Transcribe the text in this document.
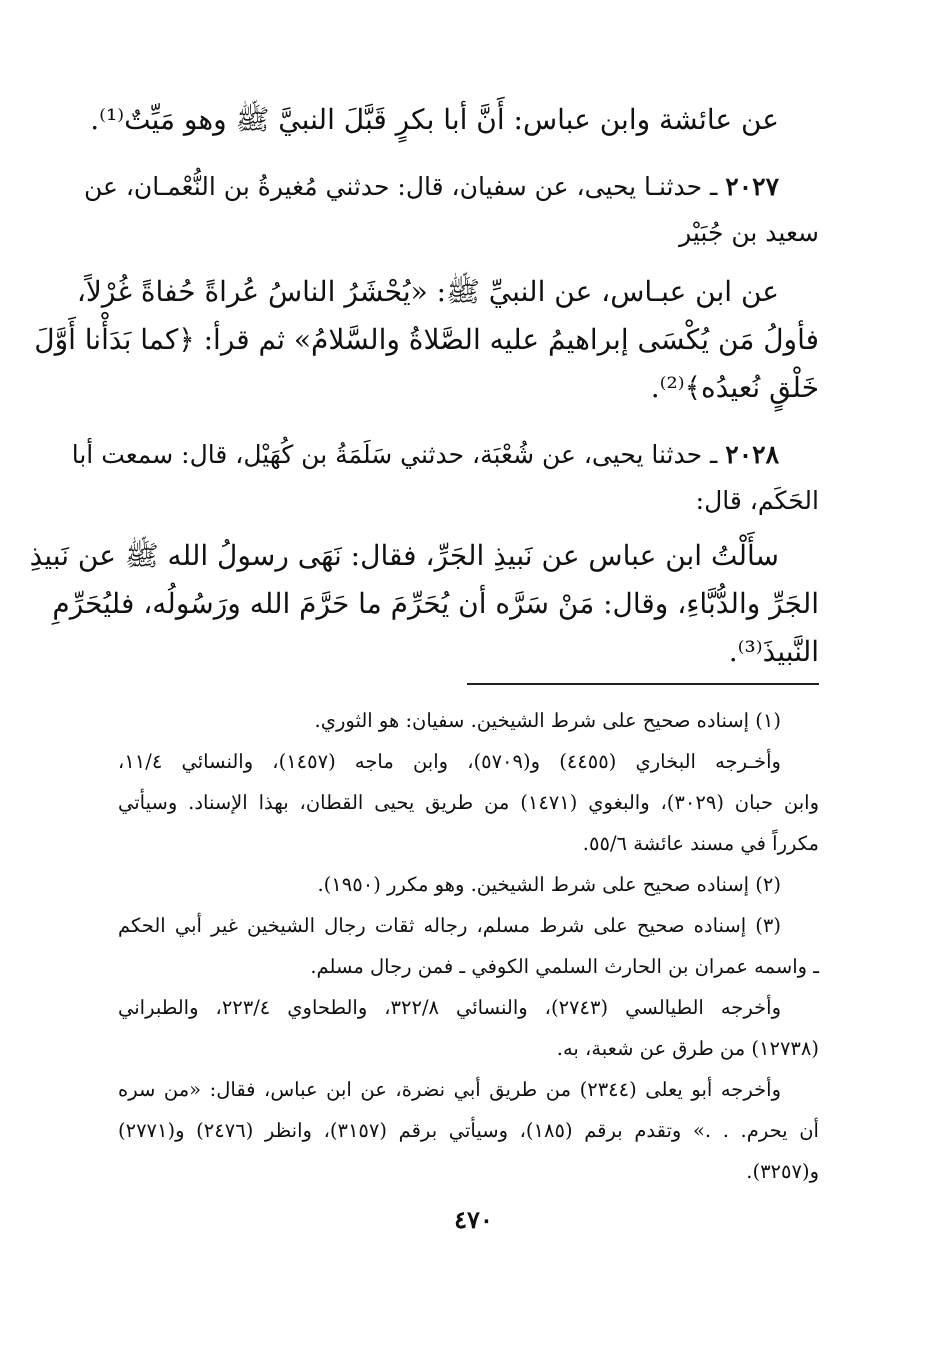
عن عائشة وابن عباس: أَنَّ أبا بكرٍ قَبَّلَ النبيَّ ﷺ وهو مَيِّتٌ⁽¹⁾.
٢٠٢٧ ـ حدثنـا يحيى، عن سفيان، قال: حدثني مُغيرةُ بن النُّعْمـان، عن
سعيد بن جُبَيْر
عن ابن عبـاس، عن النبيِّ ﷺ: «يُحْشَرُ الناسُ عُراةً حُفاةً غُرْلاً،
فأولُ مَن يُكْسَى إبراهيمُ عليه الصَّلاةُ والسَّلامُ» ثم قرأ: ﴿كما بَدَأْنا أَوَّلَ
خَلْقٍ نُعيدُه﴾⁽²⁾.
٢٠٢٨ ـ حدثنا يحيى، عن شُعْبَة، حدثني سَلَمَةُ بن كُهَيْل، قال: سمعت أبا
الحَكَم، قال:
سأَلْتُ ابن عباس عن نَبيذِ الجَرِّ، فقال: نَهَى رسولُ الله ﷺ عن نَبيذِ
الجَرِّ والدُّبَّاءِ، وقال: مَنْ سَرَّه أن يُحَرِّمَ ما حَرَّمَ الله ورَسُولُه، فليُحَرِّمِ
النَّبيذَ⁽³⁾.
(١) إسناده صحيح على شرط الشيخين. سفيان: هو الثوري.
وأخـرجه البخاري (٤٤٥٥) و(٥٧٠٩)، وابن ماجه (١٤٥٧)، والنسائي ١١/٤،
وابن حبان (٣٠٢٩)، والبغوي (١٤٧١) من طريق يحيى القطان، بهذا الإسناد. وسيأتي
مكرراً في مسند عائشة ٥٥/٦.
(٢) إسناده صحيح على شرط الشيخين. وهو مكرر (١٩٥٠).
(٣) إسناده صحيح على شرط مسلم، رجاله ثقات رجال الشيخين غير أبي الحكم
ـ واسمه عمران بن الحارث السلمي الكوفي ـ فمن رجال مسلم.
وأخرجه الطيالسي (٢٧٤٣)، والنسائي ٣٢٢/٨، والطحاوي ٢٢٣/٤، والطبراني
(١٢٧٣٨) من طرق عن شعبة، به.
وأخرجه أبو يعلى (٢٣٤٤) من طريق أبي نضرة، عن ابن عباس، فقال: «من سره
أن يحرم. . .» وتقدم برقم (١٨٥)، وسيأتي برقم (٣١٥٧)، وانظر (٢٤٧٦) و(٢٧٧١)
و(٣٢٥٧).
٤٧٠
